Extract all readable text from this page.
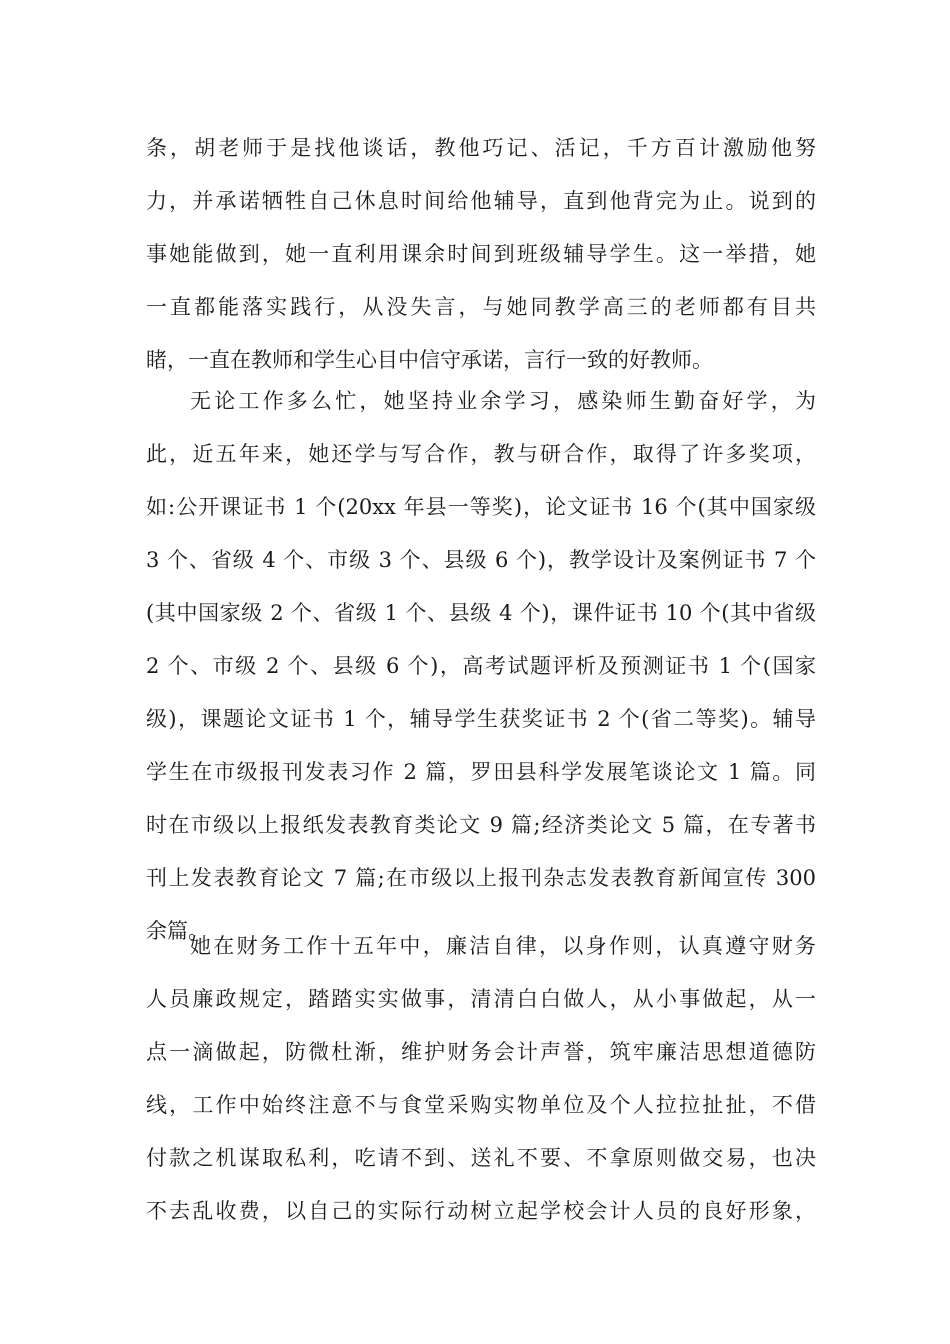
条，胡老师于是找他谈话，教他巧记、活记，千方百计激励他努
力，并承诺牺牲自己休息时间给他辅导，直到他背完为止。说到的
事她能做到，她一直利用课余时间到班级辅导学生。这一举措，她
一直都能落实践行，从没失言，与她同教学高三的老师都有目共
睹，一直在教师和学生心目中信守承诺，言行一致的好教师。
无论工作多么忙，她坚持业余学习，感染师生勤奋好学，为
此，近五年来，她还学与写合作，教与研合作，取得了许多奖项，
如:公开课证书 1 个(20xx 年县一等奖)，论文证书 16 个(其中国家级
3 个、省级 4 个、市级 3 个、县级 6 个)，教学设计及案例证书 7 个
(其中国家级 2 个、省级 1 个、县级 4 个)，课件证书 10 个(其中省级
2 个、市级 2 个、县级 6 个)，高考试题评析及预测证书 1 个(国家
级)，课题论文证书 1 个，辅导学生获奖证书 2 个(省二等奖)。辅导
学生在市级报刊发表习作 2 篇，罗田县科学发展笔谈论文 1 篇。同
时在市级以上报纸发表教育类论文 9 篇;经济类论文 5 篇，在专著书
刊上发表教育论文 7 篇;在市级以上报刊杂志发表教育新闻宣传 300
余篇。
她在财务工作十五年中，廉洁自律，以身作则，认真遵守财务
人员廉政规定，踏踏实实做事，清清白白做人，从小事做起，从一
点一滴做起，防微杜渐，维护财务会计声誉，筑牢廉洁思想道德防
线，工作中始终注意不与食堂采购实物单位及个人拉拉扯扯，不借
付款之机谋取私利，吃请不到、送礼不要、不拿原则做交易，也决
不去乱收费，以自己的实际行动树立起学校会计人员的良好形象，
